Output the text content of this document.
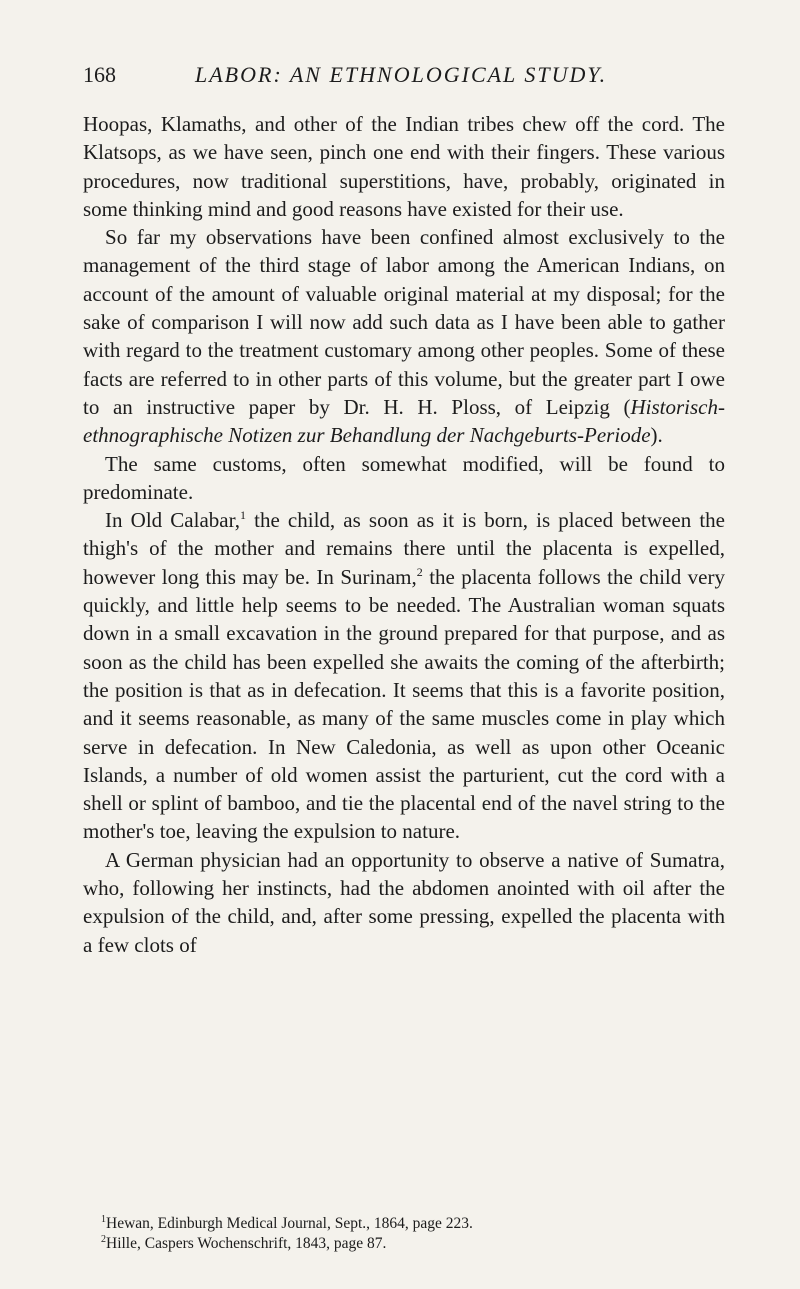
168	LABOR: AN ETHNOLOGICAL STUDY.

Hoopas, Klamaths, and other of the Indian tribes chew off the cord. The Klatsops, as we have seen, pinch one end with their fingers. These various procedures, now traditional superstitions, have, probably, originated in some thinking mind and good reasons have existed for their use.

So far my observations have been confined almost exclusively to the management of the third stage of labor among the American Indians, on account of the amount of valuable original material at my disposal; for the sake of comparison I will now add such data as I have been able to gather with regard to the treatment customary among other peoples. Some of these facts are referred to in other parts of this volume, but the greater part I owe to an instructive paper by Dr. H. H. Ploss, of Leipzig (Historisch-ethnographische Notizen zur Behandlung der Nachgeburts-Periode).

The same customs, often somewhat modified, will be found to predominate.

In Old Calabar,$^1$ the child, as soon as it is born, is placed between the thigh's of the mother and remains there until the placenta is expelled, however long this may be. In Surinam,$^2$ the placenta follows the child very quickly, and little help seems to be needed. The Australian woman squats down in a small excavation in the ground prepared for that purpose, and as soon as the child has been expelled she awaits the coming of the afterbirth; the position is that as in defecation. It seems that this is a favorite position, and it seems reasonable, as many of the same muscles come in play which serve in defecation. In New Caledonia, as well as upon other Oceanic Islands, a number of old women assist the parturient, cut the cord with a shell or splint of bamboo, and tie the placental end of the navel string to the mother's toe, leaving the expulsion to nature.

A German physician had an opportunity to observe a native of Sumatra, who, following her instincts, had the abdomen anointed with oil after the expulsion of the child, and, after some pressing, expelled the placenta with a few clots of

$^1$Hewan, Edinburgh Medical Journal, Sept., 1864, page 223.

$^2$Hille, Caspers Wochenschrift, 1843, page 87.
